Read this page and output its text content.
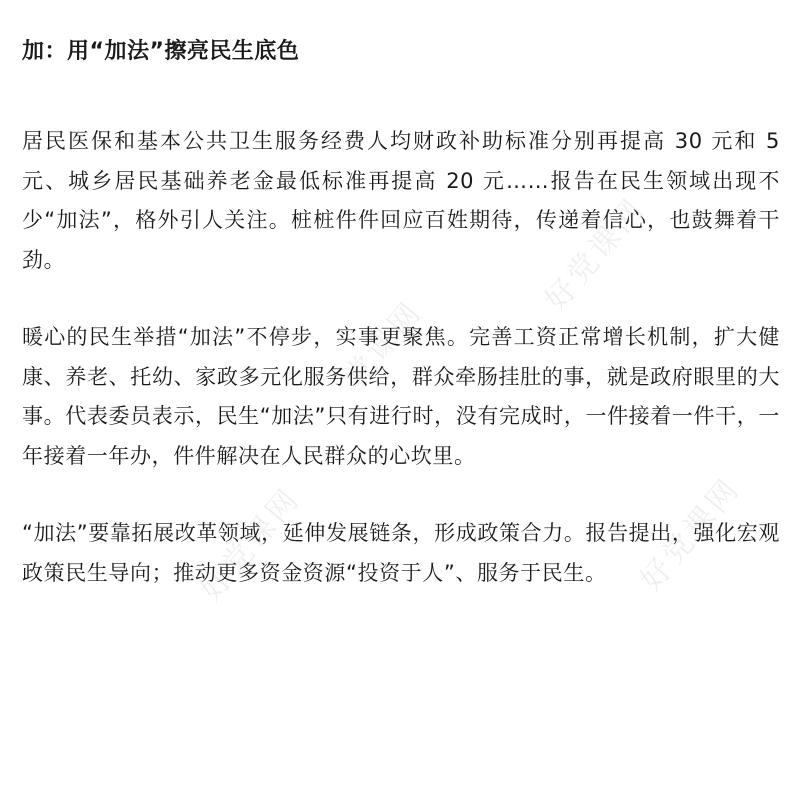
加：用“加法”擦亮民生底色

居民医保和基本公共卫生服务经费人均财政补助标准分别再提高 30 元和 5 元、城乡居民基础养老金最低标准再提高 20 元……报告在民生领域出现不少“加法”，格外引人关注。桩桩件件回应百姓期待，传递着信心，也鼓舞着干劲。

暖心的民生举措“加法”不停步，实事更聚焦。完善工资正常增长机制，扩大健康、养老、托幼、家政多元化服务供给，群众牵肠挂肚的事，就是政府眼里的大事。代表委员表示，民生“加法”只有进行时，没有完成时，一件接着一件干，一年接着一年办，件件解决在人民群众的心坎里。

“加法”要靠拓展改革领域，延伸发展链条，形成政策合力。报告提出，强化宏观政策民生导向；推动更多资金资源“投资于人”、服务于民生。

好党课网
党课网
好党课网	好党课网
